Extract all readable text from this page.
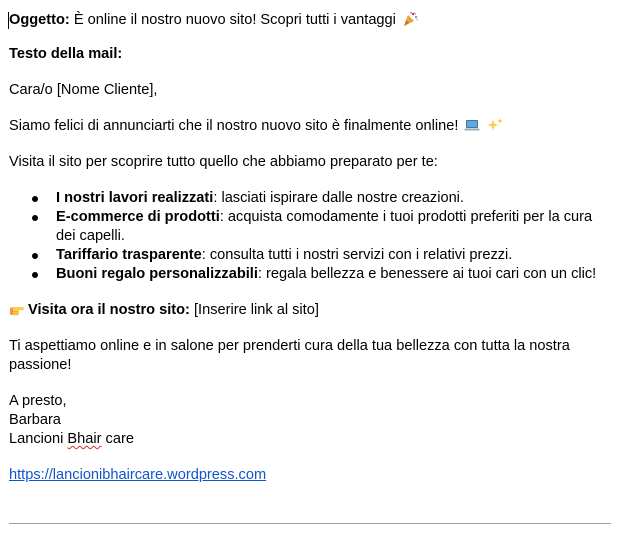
Oggetto: È online il nostro nuovo sito! Scopri tutti i vantaggi

Testo della mail:

Cara/o [Nome Cliente],

Siamo felici di annunciarti che il nostro nuovo sito è finalmente online!

Visita il sito per scoprire tutto quello che abbiamo preparato per te:

I nostri lavori realizzati: lasciati ispirare dalle nostre creazioni.
E-commerce di prodotti: acquista comodamente i tuoi prodotti preferiti per la cura dei capelli.
Tariffario trasparente: consulta tutti i nostri servizi con i relativi prezzi.
Buoni regalo personalizzabili: regala bellezza e benessere ai tuoi cari con un clic!

Visita ora il nostro sito: [Inserire link al sito]

Ti aspettiamo online e in salone per prenderti cura della tua bellezza con tutta la nostra

passione!

A presto,

Barbara

Lancioni Bhair care

https://lancionibhaircare.wordpress.com
